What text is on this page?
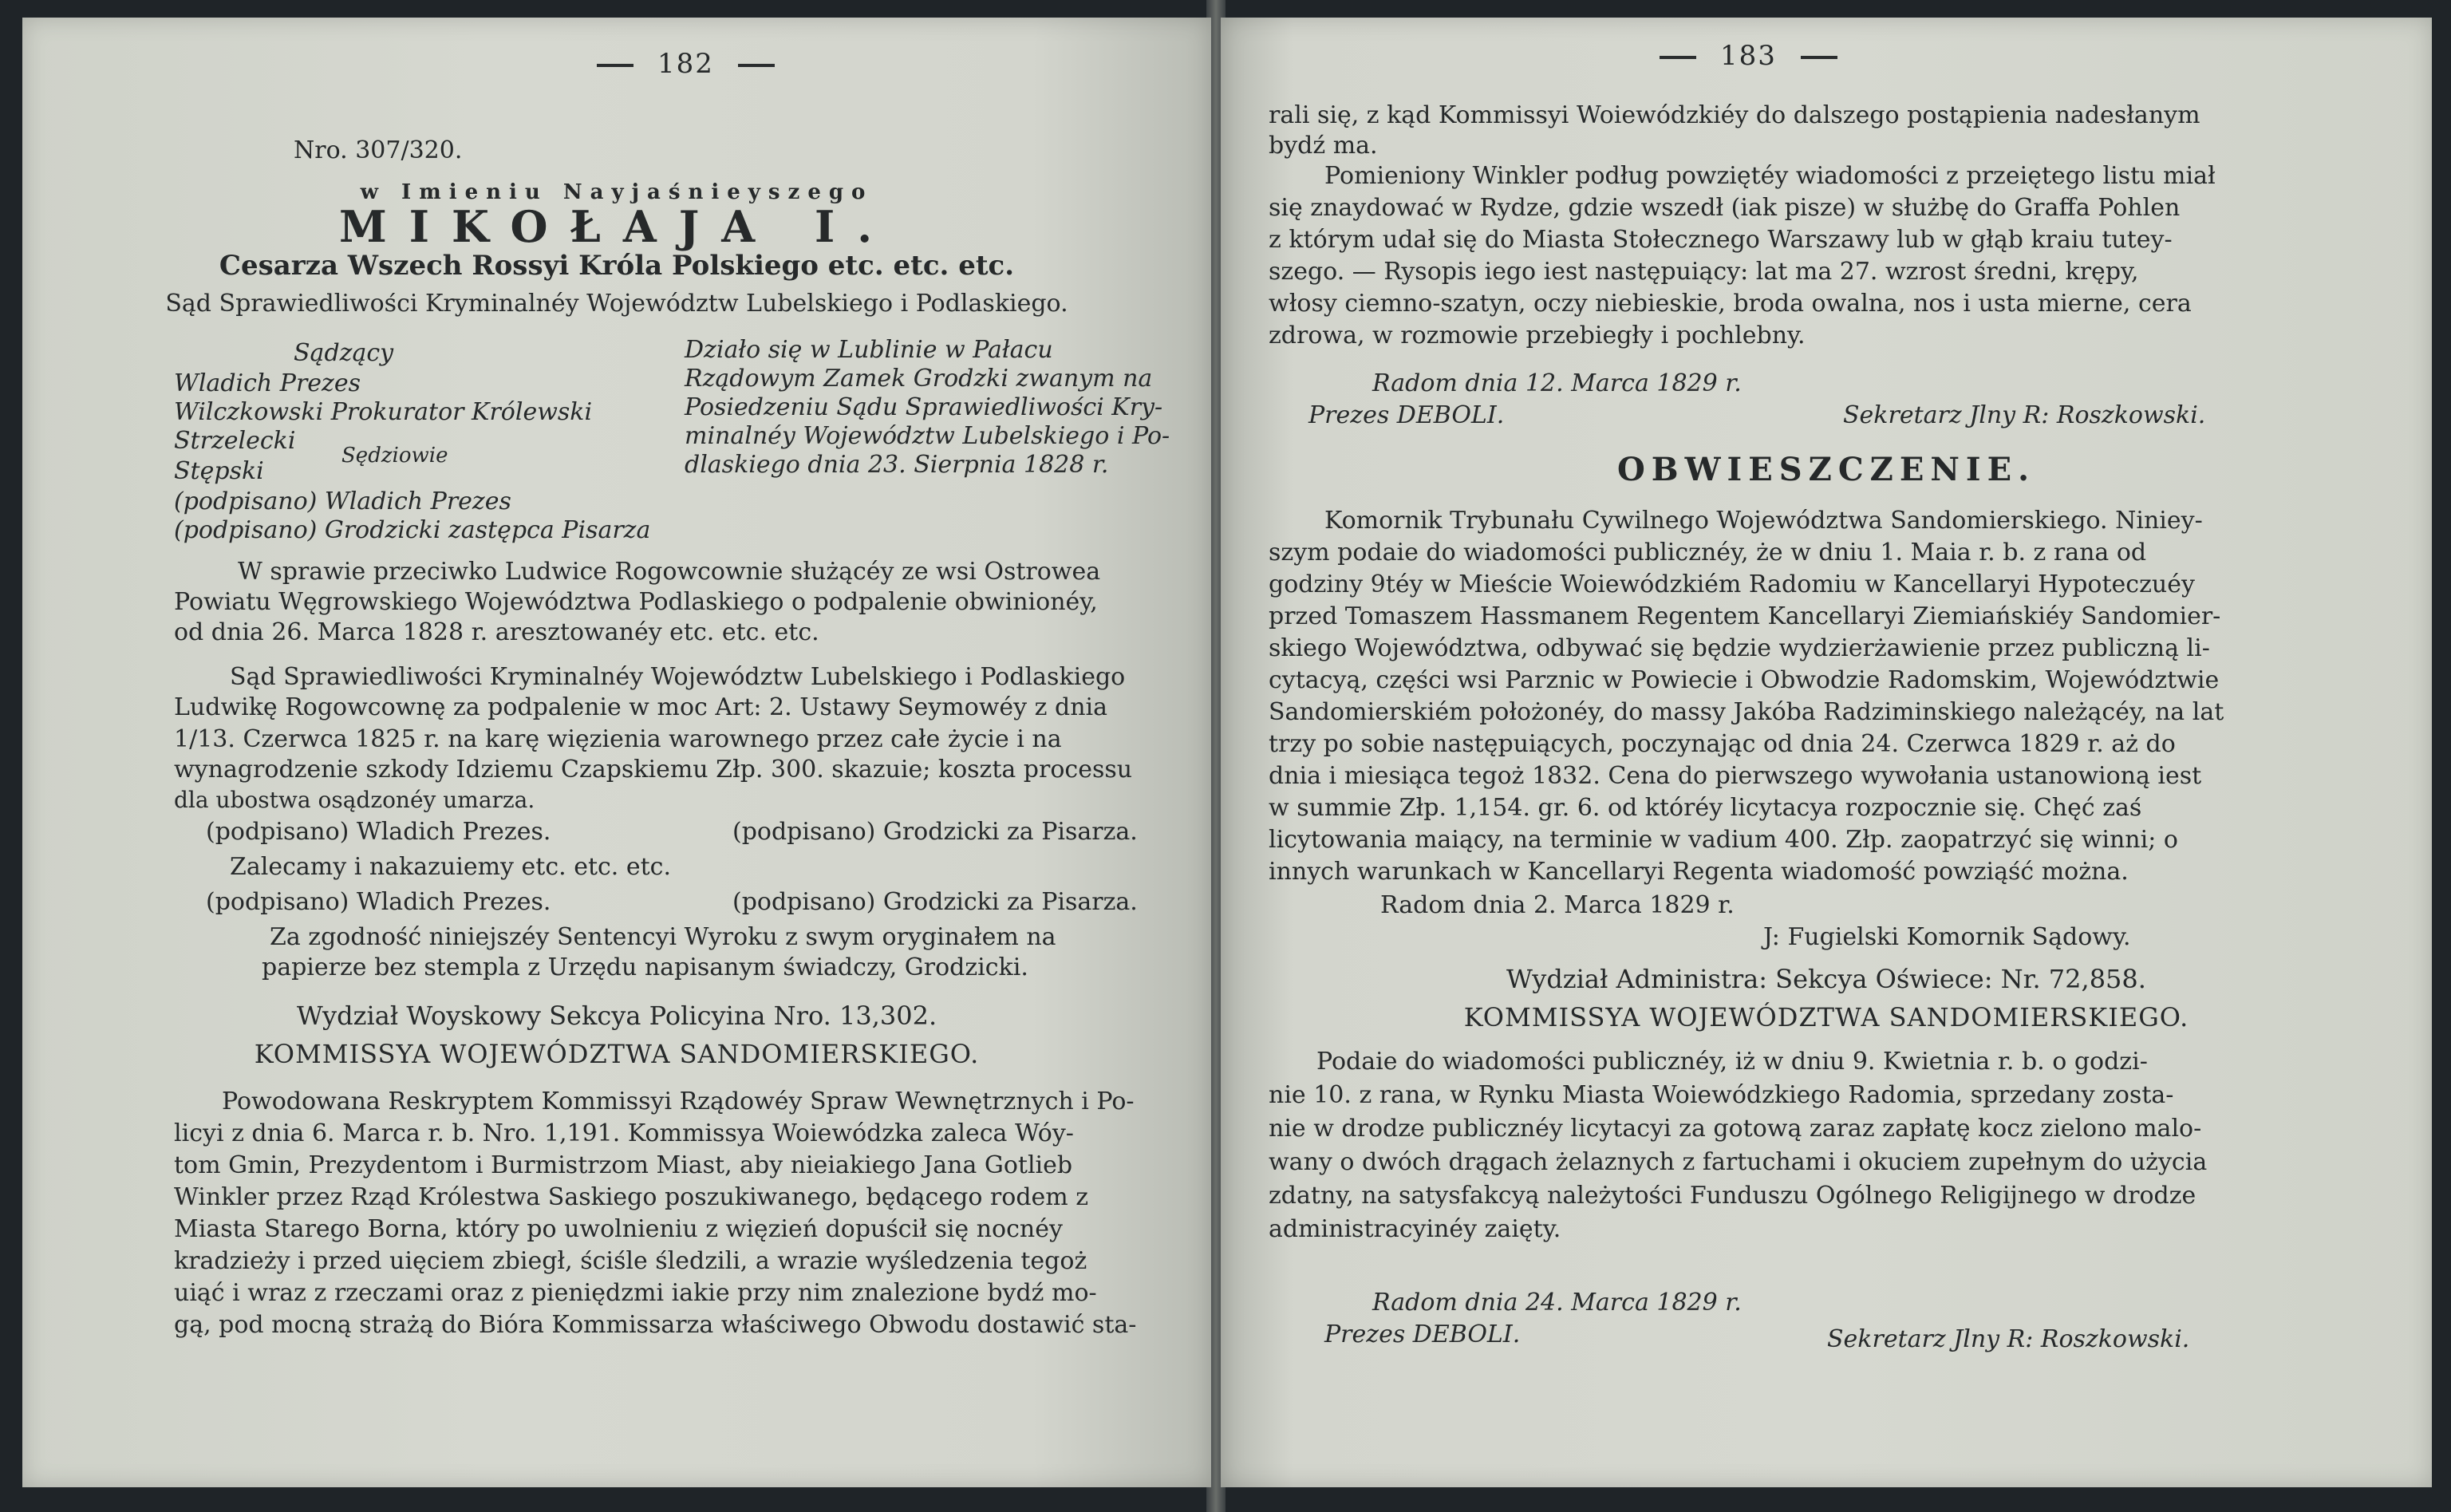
182
Nro. 307/320.
w Imieniu Nayjaśnieyszego
MIKOŁAJA I.
Cesarza Wszech Rossyi Króla Polskiego etc. etc. etc.
Sąd Sprawiedliwości Kryminalnéy Województw Lubelskiego i Podlaskiego.
Sądzący
Wladich Prezes
Wilczkowski Prokurator Królewski
Strzelecki
Stępski
Sędziowie
(podpisano) Wladich Prezes
(podpisano) Grodzicki zastępca Pisarza
Działo się w Lublinie w Pałacu
Rządowym Zamek Grodzki zwanym na
Posiedzeniu Sądu Sprawiedliwości Kry-
minalnéy Województw Lubelskiego i Po-
dlaskiego dnia 23. Sierpnia 1828 r.
W sprawie przeciwko Ludwice Rogowcownie służącéy ze wsi Ostrowea
Powiatu Węgrowskiego Województwa Podlaskiego o podpalenie obwinionéy,
od dnia 26. Marca 1828 r. aresztowanéy etc. etc. etc.
Sąd Sprawiedliwości Kryminalnéy Województw Lubelskiego i Podlaskiego
Ludwikę Rogowcownę za podpalenie w moc Art: 2. Ustawy Seymowéy z dnia
1/13. Czerwca 1825 r. na karę więzienia warownego przez całe życie i na
wynagrodzenie szkody Idziemu Czapskiemu Złp. 300. skazuie; koszta processu
dla ubostwa osądzonéy umarza.
(podpisano) Wladich Prezes.	(podpisano) Grodzicki za Pisarza.
Zalecamy i nakazuiemy etc. etc. etc.
(podpisano) Wladich Prezes.	(podpisano) Grodzicki za Pisarza.
Za zgodność niniejszéy Sentencyi Wyroku z swym oryginałem na
papierze bez stempla z Urzędu napisanym świadczy, Grodzicki.
Wydział Woyskowy Sekcya Policyina Nro. 13,302.
KOMMISSYA WOJEWÓDZTWA SANDOMIERSKIEGO.
Powodowana Reskryptem Kommissyi Rządowéy Spraw Wewnętrznych i Po-
licyi z dnia 6. Marca r. b. Nro. 1,191. Kommissya Woiewódzka zaleca Wóy-
tom Gmin, Prezydentom i Burmistrzom Miast, aby nieiakiego Jana Gotlieb
Winkler przez Rząd Królestwa Saskiego poszukiwanego, będącego rodem z
Miasta Starego Borna, który po uwolnieniu z więzień dopuścił się nocnéy
kradzieży i przed uięciem zbiegł, ściśle śledzili, a wrazie wyśledzenia tegoż
uiąć i wraz z rzeczami oraz z pieniędzmi iakie przy nim znalezione bydź mo-
gą, pod mocną strażą do Bióra Kommissarza właściwego Obwodu dostawić sta-
183
rali się, z kąd Kommissyi Woiewódzkiéy do dalszego postąpienia nadesłanym
bydź ma.
Pomieniony Winkler podług powziętéy wiadomości z przeiętego listu miał
się znaydować w Rydze, gdzie wszedł (iak pisze) w służbę do Graffa Pohlen
z którym udał się do Miasta Stołecznego Warszawy lub w głąb kraiu tutey-
szego. — Rysopis iego iest następuiący: lat ma 27. wzrost średni, krępy,
włosy ciemno-szatyn, oczy niebieskie, broda owalna, nos i usta mierne, cera
zdrowa, w rozmowie przebiegły i pochlebny.
Radom dnia 12. Marca 1829 r.
Prezes DEBOLI.	Sekretarz Jlny R: Roszkowski.
OBWIESZCZENIE.
Komornik Trybunału Cywilnego Województwa Sandomierskiego. Niniey-
szym podaie do wiadomości publicznéy, że w dniu 1. Maia r. b. z rana od
godziny 9téy w Mieście Woiewódzkiém Radomiu w Kancellaryi Hypoteczuéy
przed Tomaszem Hassmanem Regentem Kancellaryi Ziemiańskiéy Sandomier-
skiego Województwa, odbywać się będzie wydzierżawienie przez publiczną li-
cytacyą, części wsi Parznic w Powiecie i Obwodzie Radomskim, Województwie
Sandomierskiém położonéy, do massy Jakóba Radziminskiego należącéy, na lat
trzy po sobie następuiących, poczynając od dnia 24. Czerwca 1829 r. aż do
dnia i miesiąca tegoż 1832. Cena do pierwszego wywołania ustanowioną iest
w summie Złp. 1,154. gr. 6. od któréy licytacya rozpocznie się. Chęć zaś
licytowania maiący, na terminie w vadium 400. Złp. zaopatrzyć się winni; o
innych warunkach w Kancellaryi Regenta wiadomość powziąść można.
Radom dnia 2. Marca 1829 r.
J: Fugielski Komornik Sądowy.
Wydział Administra: Sekcya Oświece: Nr. 72,858.
KOMMISSYA WOJEWÓDZTWA SANDOMIERSKIEGO.
Podaie do wiadomości publicznéy, iż w dniu 9. Kwietnia r. b. o godzi-
nie 10. z rana, w Rynku Miasta Woiewódzkiego Radomia, sprzedany zosta-
nie w drodze publicznéy licytacyi za gotową zaraz zapłatę kocz zielono malo-
wany o dwóch drągach żelaznych z fartuchami i okuciem zupełnym do użycia
zdatny, na satysfakcyą należytości Funduszu Ogólnego Religijnego w drodze
administracyinéy zaięty.
Radom dnia 24. Marca 1829 r.
Prezes DEBOLI.	Sekretarz Jlny R: Roszkowski.
